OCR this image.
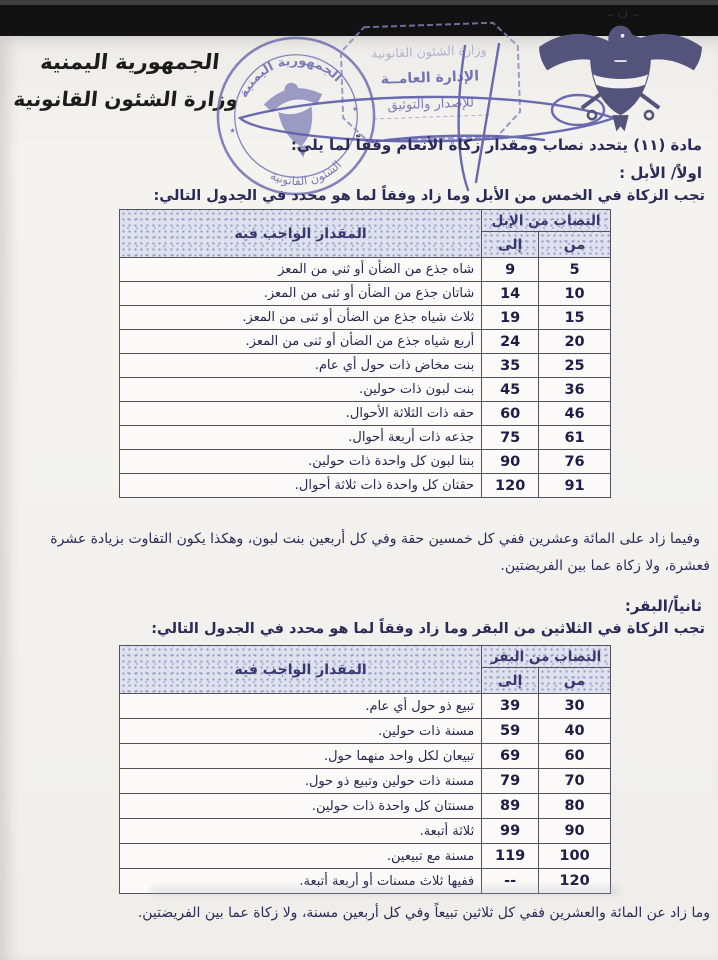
الجمهورية اليمنية
وزارة الشئون القانونية
ـ ن ـ
الجمهورية اليمنية
الشئون القانونية
٭
٭
وزارة الشئون القانونية
الإدارة العامــة
للإصدار والتوثيق
مادة (١١) يتحدد نصاب ومقدار زكاة الأنعام وفقاً لما يلي:
اولاً/ الأبل :
تجب الزكاة في الخمس من الأبل وما زاد وفقاً لما هو محدد في الجدول التالي:
النصاب من الإبل		المقدار الواجب فيه
من	إلى	
5	9	شاه جذع من الضأن أو ثني من المعز
10	14	شاتان جذع من الضأن أو ثنى من المعز.
15	19	ثلاث شياه جذع من الضأن أو ثنى من المعز.
20	24	أربع شياه جذع من الضأن أو ثنى من المعز.
25	35	بنت مخاض ذات حول أي عام.
36	45	بنت لبون ذات حولين.
46	60	حقه ذات الثلاثة الأحوال.
61	75	جذعه ذات أربعة أحوال.
76	90	بنتا لبون كل واحدة ذات حولين.
91	120	حقتان كل واحدة ذات ثلاثة أحوال.
وفيما زاد على المائة وعشرين ففي كل خمسين حقة وفي كل أربعين بنت لبون، وهكذا يكون التفاوت بزيادة عشرة فعشرة، ولا زكاة عما بين الفريضتين.
ثانياً/البقر:
تجب الزكاة في الثلاثين من البقر وما زاد وفقاً لما هو محدد في الجدول التالي:
النصاب من البقر		المقدار الواجب فيه
من	إلى	
30	39	تبيع ذو حول أي عام.
40	59	مسنة ذات حولين.
60	69	تبيعان لكل واحد منهما حول.
70	79	مسنة ذات حولين وتبيع ذو حول.
80	89	مسنتان كل واحدة ذات حولين.
90	99	ثلاثة أتبعة.
100	119	مسنة مع تبيعين.
120	--	ففيها ثلاث مسنات أو أربعة أتبعة.
وما زاد عن المائة والعشرين ففي كل ثلاثين تبيعاً وفي كل أربعين مسنة، ولا زكاة عما بين الفريضتين.
